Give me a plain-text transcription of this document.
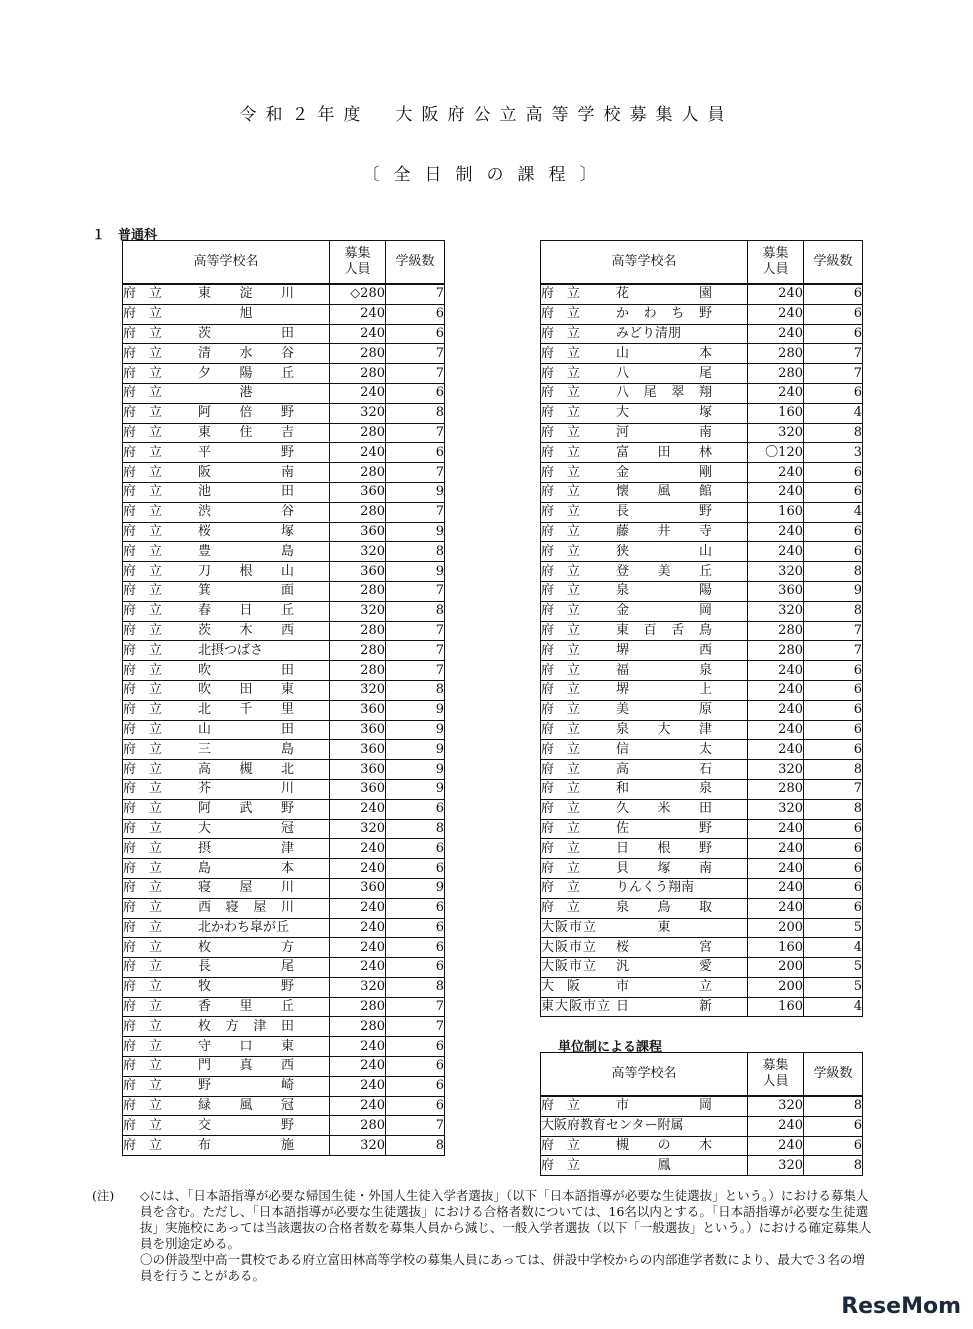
令和２年度　大阪府公立高等学校募集人員
〔全日制の課程〕
１　普通科
高等学校名	募集
人員	学級数
府立 東淀川	◇280	7
府立 旭	240	6
府立 茨田	240	6
府立 清水谷	280	7
府立 夕陽丘	280	7
府立 港	240	6
府立 阿倍野	320	8
府立 東住吉	280	7
府立 平野	240	6
府立 阪南	280	7
府立 池田	360	9
府立 渋谷	280	7
府立 桜塚	360	9
府立 豊島	320	8
府立 刀根山	360	9
府立 箕面	280	7
府立 春日丘	320	8
府立 茨木西	280	7
府立 北摂つばさ	280	7
府立 吹田	280	7
府立 吹田東	320	8
府立 北千里	360	9
府立 山田	360	9
府立 三島	360	9
府立 高槻北	360	9
府立 芥川	360	9
府立 阿武野	240	6
府立 大冠	320	8
府立 摂津	240	6
府立 島本	240	6
府立 寝屋川	360	9
府立 西寝屋川	240	6
府立 北かわち皐が丘	240	6
府立 枚方	240	6
府立 長尾	240	6
府立 牧野	320	8
府立 香里丘	280	7
府立 枚方津田	280	7
府立 守口東	240	6
府立 門真西	240	6
府立 野崎	240	6
府立 緑風冠	240	6
府立 交野	280	7
府立 布施	320	8
高等学校名	募集
人員	学級数
府立 花園	240	6
府立 かわち野	240	6
府立 みどり清朋	240	6
府立 山本	280	7
府立 八尾	280	7
府立 八尾翠翔	240	6
府立 大塚	160	4
府立 河南	320	8
府立 富田林	〇120	3
府立 金剛	240	6
府立 懐風館	240	6
府立 長野	160	4
府立 藤井寺	240	6
府立 狭山	240	6
府立 登美丘	320	8
府立 泉陽	360	9
府立 金岡	320	8
府立 東百舌鳥	280	7
府立 堺西	280	7
府立 福泉	240	6
府立 堺上	240	6
府立 美原	240	6
府立 泉大津	240	6
府立 信太	240	6
府立 高石	320	8
府立 和泉	280	7
府立 久米田	320	8
府立 佐野	240	6
府立 日根野	240	6
府立 貝塚南	240	6
府立 りんくう翔南	240	6
府立 泉鳥取	240	6
大阪市立 東	200	5
大阪市立 桜宮	160	4
大阪市立 汎愛	200	5
大阪 市立	200	5
東大阪市立 日新	160	4
単位制による課程
高等学校名	募集
人員	学級数
府立 市岡	320	8
大阪府教育センター附属	240	6
府立 槻の木	240	6
府立 鳳	320	8
(注) ◇には、「日本語指導が必要な帰国生徒・外国人生徒入学者選抜」（以下「日本語指導が必要な生徒選抜」という。）における募集人員を含む。ただし、「日本語指導が必要な生徒選抜」における合格者数については、16名以内とする。「日本語指導が必要な生徒選抜」実施校にあっては当該選抜の合格者数を募集人員から減じ、一般入学者選抜（以下「一般選抜」という。）における確定募集人員を別途定める。

〇の併設型中高一貫校である府立富田林高等学校の募集人員にあっては、併設中学校からの内部進学者数により、最大で３名の増員を行うことがある。

ReseMom
